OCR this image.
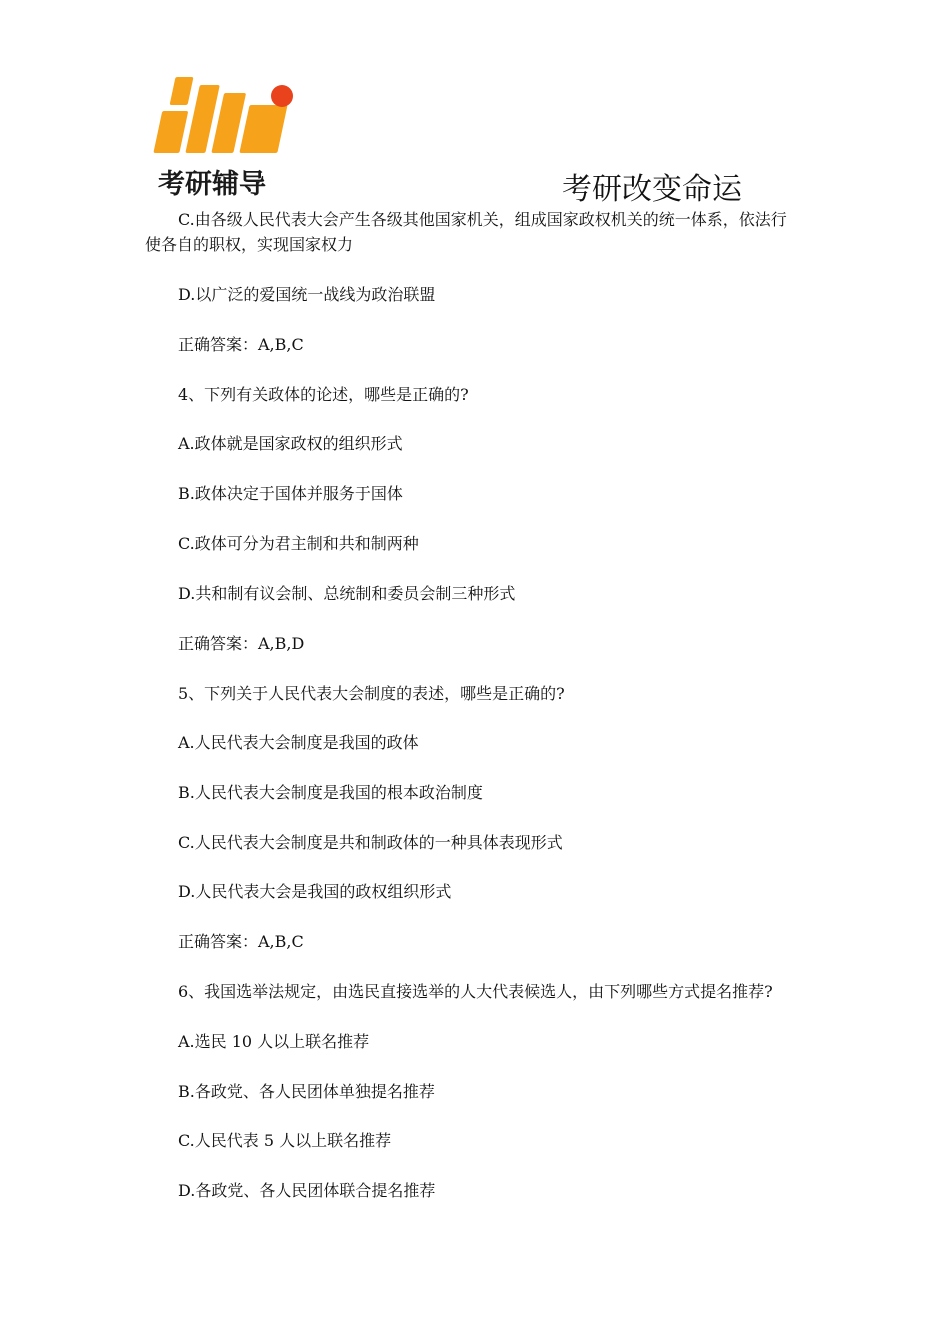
考研辅导	考研改变命运
C.由各级人民代表大会产生各级其他国家机关，组成国家政权机关的统一体系，依法行
使各自的职权，实现国家权力
D.以广泛的爱国统一战线为政治联盟
正确答案：A,B,C
4、下列有关政体的论述，哪些是正确的?
A.政体就是国家政权的组织形式
B.政体决定于国体并服务于国体
C.政体可分为君主制和共和制两种
D.共和制有议会制、总统制和委员会制三种形式
正确答案：A,B,D
5、下列关于人民代表大会制度的表述，哪些是正确的?
A.人民代表大会制度是我国的政体
B.人民代表大会制度是我国的根本政治制度
C.人民代表大会制度是共和制政体的一种具体表现形式
D.人民代表大会是我国的政权组织形式
正确答案：A,B,C
6、我国选举法规定，由选民直接选举的人大代表候选人，由下列哪些方式提名推荐?
A.选民 10 人以上联名推荐
B.各政党、各人民团体单独提名推荐
C.人民代表 5 人以上联名推荐
D.各政党、各人民团体联合提名推荐
